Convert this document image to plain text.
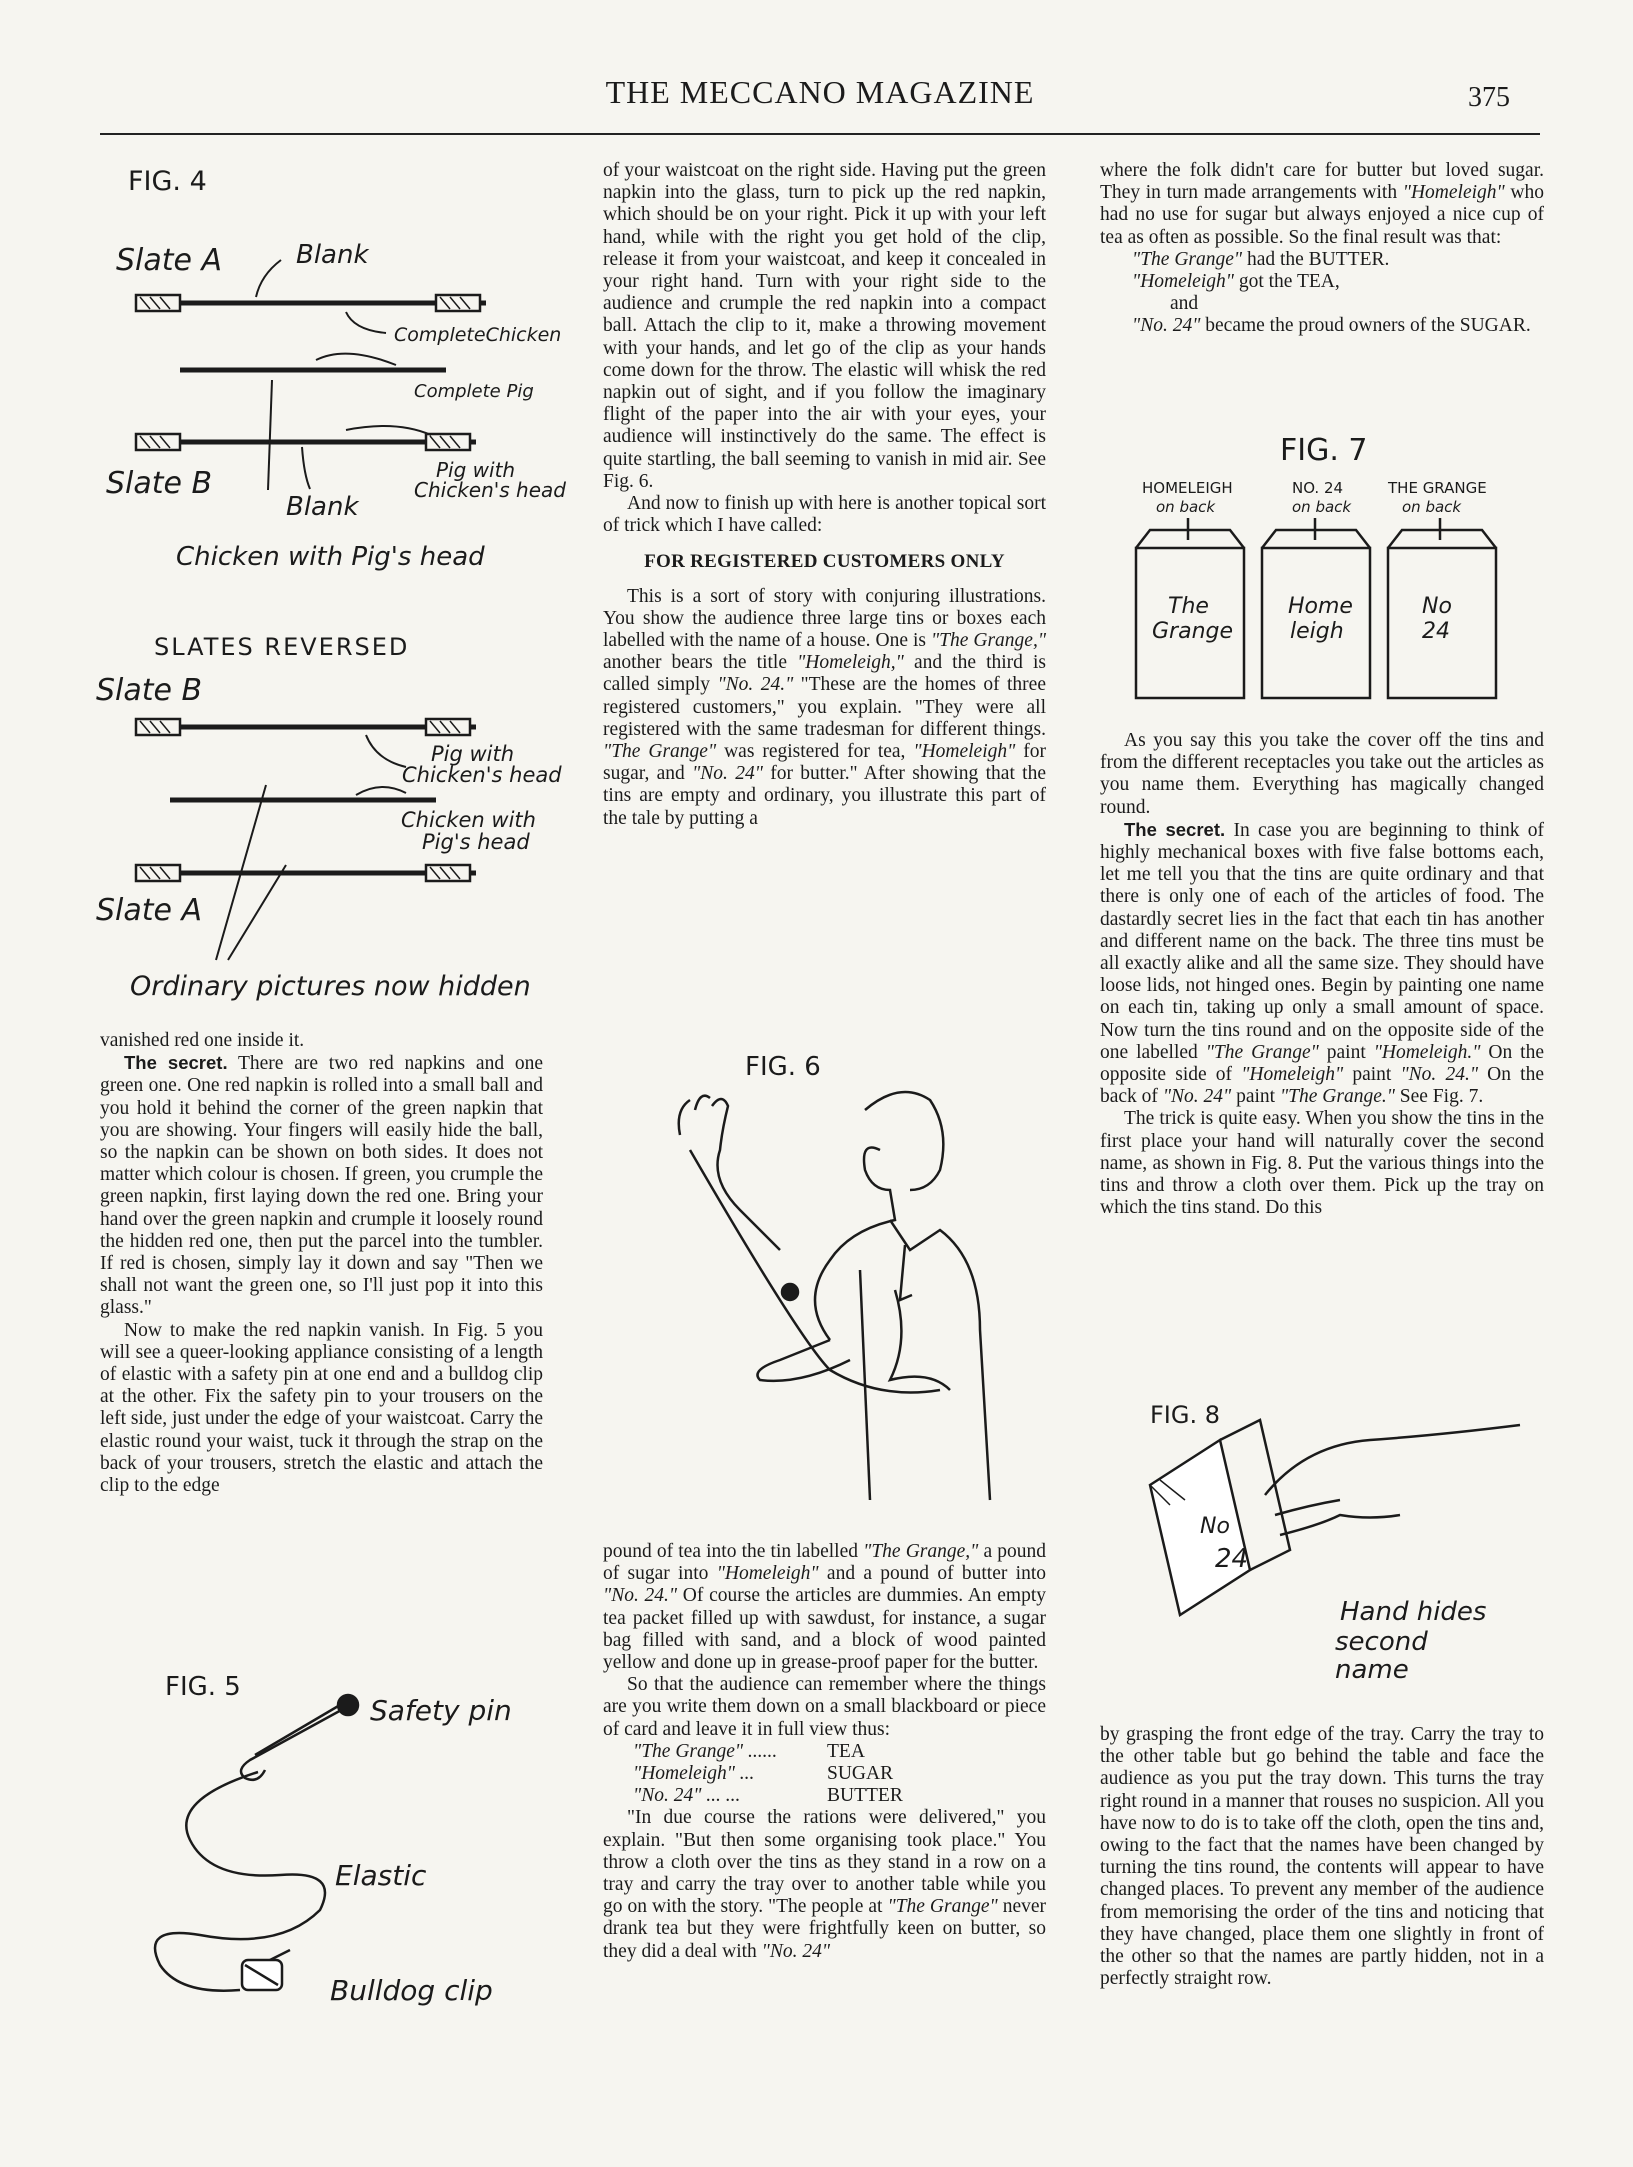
THE MECCANO MAGAZINE	375
FIG. 4
Slate A	Blank
CompleteChicken
Complete Pig
Slate B
Blank
Pig with
Chicken's head
Chicken with Pig's head
SLATES REVERSED
Slate B
Pig with
Chicken's head
Chicken with
Pig's head
Slate A
Ordinary pictures now hidden

vanished red one inside it.

The secret. There are two red napkins and one green one. One red napkin is rolled into a small ball and you hold it behind the corner of the green napkin that you are showing. Your fingers will easily hide the ball, so the napkin can be shown on both sides. It does not matter which colour is chosen. If green, you crumple the green napkin, first laying down the red one. Bring your hand over the green napkin and crumple it loosely round the hidden red one, then put the parcel into the tumbler. If red is chosen, simply lay it down and say "Then we shall not want the green one, so I'll just pop it into this glass."

Now to make the red napkin vanish. In Fig. 5 you will see a queer-looking appliance consisting of a length of elastic with a safety pin at one end and a bulldog clip at the other. Fix the safety pin to your trousers on the left side, just under the edge of your waistcoat. Carry the elastic round your waist, tuck it through the strap on the back of your trousers, stretch the elastic and attach the clip to the edge

FIG. 5
Safety pin
Elastic
Bulldog clip

of your waistcoat on the right side. Having put the green napkin into the glass, turn to pick up the red napkin, which should be on your right. Pick it up with your left hand, while with the right you get hold of the clip, release it from your waistcoat, and keep it concealed in your right hand. Turn with your right side to the audience and crumple the red napkin into a compact ball. Attach the clip to it, make a throwing movement with your hands, and let go of the clip as your hands come down for the throw. The elastic will whisk the red napkin out of sight, and if you follow the imaginary flight of the paper into the air with your eyes, your audience will instinctively do the same. The effect is quite startling, the ball seeming to vanish in mid air. See Fig. 6.

And now to finish up with here is another topical sort of trick which I have called:

FOR REGISTERED CUSTOMERS ONLY

This is a sort of story with conjuring illustrations. You show the audience three large tins or boxes each labelled with the name of a house. One is "The Grange," another bears the title "Homeleigh," and the third is called simply "No. 24." "These are the homes of three registered customers," you explain. "They were all registered with the same tradesman for different things. "The Grange" was registered for tea, "Homeleigh" for sugar, and "No. 24" for butter." After showing that the tins are empty and ordinary, you illustrate this part of the tale by putting a

FIG. 6

pound of tea into the tin labelled "The Grange," a pound of sugar into "Homeleigh" and a pound of butter into "No. 24." Of course the articles are dummies. An empty tea packet filled up with sawdust, for instance, a sugar bag filled with sand, and a block of wood painted yellow and done up in grease-proof paper for the butter.

So that the audience can remember where the things are you write them down on a small blackboard or piece of card and leave it in full view thus:

"The Grange" ......	TEA
"Homeleigh" ...	SUGAR
"No. 24" ... ...	BUTTER

"In due course the rations were delivered," you explain. "But then some organising took place." You throw a cloth over the tins as they stand in a row on a tray and carry the tray over to another table while you go on with the story. "The people at "The Grange" never drank tea but they were frightfully keen on butter, so they did a deal with "No. 24"

where the folk didn't care for butter but loved sugar. They in turn made arrangements with "Homeleigh" who had no use for sugar but always enjoyed a nice cup of tea as often as possible. So the final result was that:

"The Grange" had the BUTTER.

"Homeleigh" got the TEA,

and

"No. 24" became the proud owners of the SUGAR.

FIG. 7
HOMELEIGH
on back
NO. 24
on back
THE GRANGE
on back
The
Grange
Home
leigh
No
24

As you say this you take the cover off the tins and from the different receptacles you take out the articles as you name them. Everything has magically changed round.

The secret. In case you are beginning to think of highly mechanical boxes with five false bottoms each, let me tell you that the tins are quite ordinary and that there is only one of each of the articles of food. The dastardly secret lies in the fact that each tin has another and different name on the back. The three tins must be all exactly alike and all the same size. They should have loose lids, not hinged ones. Begin by painting one name on each tin, taking up only a small amount of space. Now turn the tins round and on the opposite side of the one labelled "The Grange" paint "Homeleigh." On the opposite side of "Homeleigh" paint "No. 24." On the back of "No. 24" paint "The Grange." See Fig. 7.

The trick is quite easy. When you show the tins in the first place your hand will naturally cover the second name, as shown in Fig. 8. Put the various things into the tins and throw a cloth over them. Pick up the tray on which the tins stand. Do this

FIG. 8
No
24
Hand hides
second
name

by grasping the front edge of the tray. Carry the tray to the other table but go behind the table and face the audience as you put the tray down. This turns the tray right round in a manner that rouses no suspicion. All you have now to do is to take off the cloth, open the tins and, owing to the fact that the names have been changed by turning the tins round, the contents will appear to have changed places. To prevent any member of the audience from memorising the order of the tins and noticing that they have changed, place them one slightly in front of the other so that the names are partly hidden, not in a perfectly straight row.
